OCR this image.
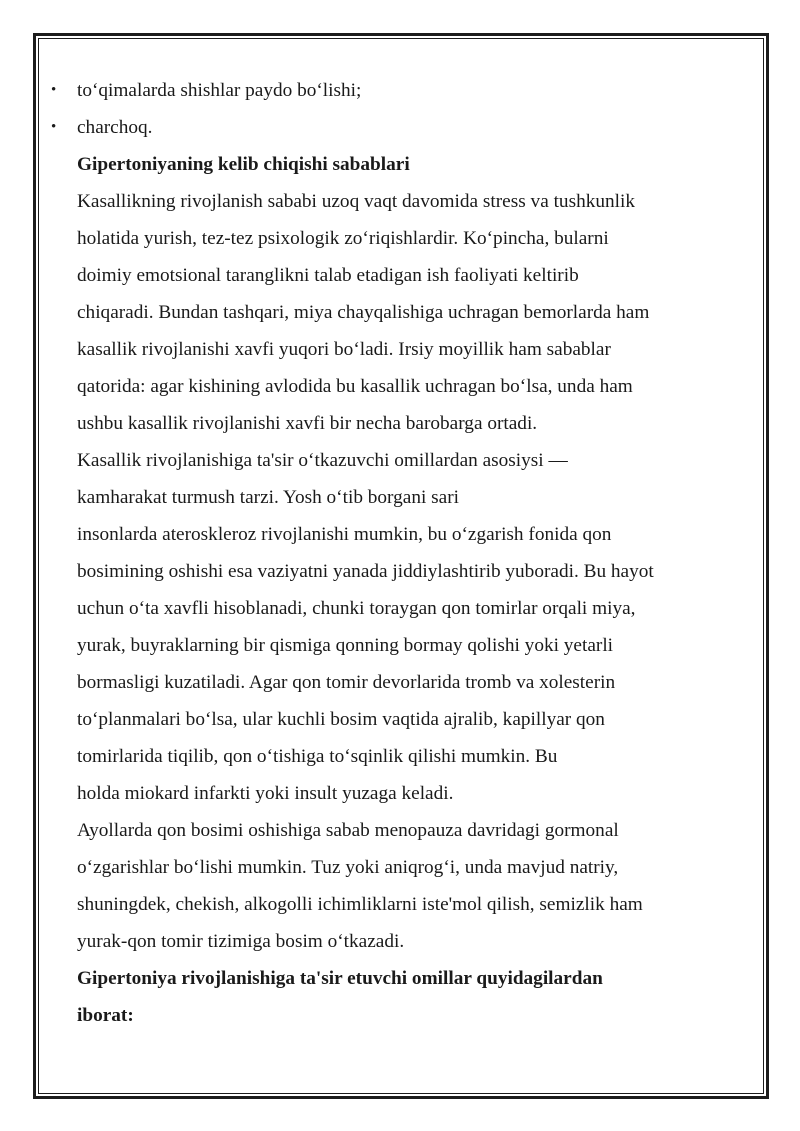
• to‘qimalarda shishlar paydo bo‘lishi;
• charchoq.
Gipertoniyaning kelib chiqishi sabablari
Kasallikning rivojlanish sababi uzoq vaqt davomida stress va tushkunlik
holatida yurish, tez-tez psixologik zo‘riqishlardir. Ko‘pincha, bularni
doimiy emotsional taranglikni talab etadigan ish faoliyati keltirib
chiqaradi. Bundan tashqari, miya chayqalishiga uchragan bemorlarda ham
kasallik rivojlanishi xavfi yuqori bo‘ladi. Irsiy moyillik ham sabablar
qatorida: agar kishining avlodida bu kasallik uchragan bo‘lsa, unda ham
ushbu kasallik rivojlanishi xavfi bir necha barobarga ortadi.
Kasallik rivojlanishiga ta'sir o‘tkazuvchi omillardan asosiysi —
kamharakat turmush tarzi. Yosh o‘tib borgani sari
insonlarda ateroskleroz rivojlanishi mumkin, bu o‘zgarish fonida qon
bosimining oshishi esa vaziyatni yanada jiddiylashtirib yuboradi. Bu hayot
uchun o‘ta xavfli hisoblanadi, chunki toraygan qon tomirlar orqali miya,
yurak, buyraklarning bir qismiga qonning bormay qolishi yoki yetarli
bormasligi kuzatiladi. Agar qon tomir devorlarida tromb va xolesterin
to‘planmalari bo‘lsa, ular kuchli bosim vaqtida ajralib, kapillyar qon
tomirlarida tiqilib, qon o‘tishiga to‘sqinlik qilishi mumkin. Bu
holda miokard infarkti yoki insult yuzaga keladi.
Ayollarda qon bosimi oshishiga sabab menopauza davridagi gormonal
o‘zgarishlar bo‘lishi mumkin. Tuz yoki aniqrog‘i, unda mavjud natriy,
shuningdek, chekish, alkogolli ichimliklarni iste'mol qilish, semizlik ham
yurak-qon tomir tizimiga bosim o‘tkazadi.
Gipertoniya rivojlanishiga ta'sir etuvchi omillar quyidagilardan
iborat:
